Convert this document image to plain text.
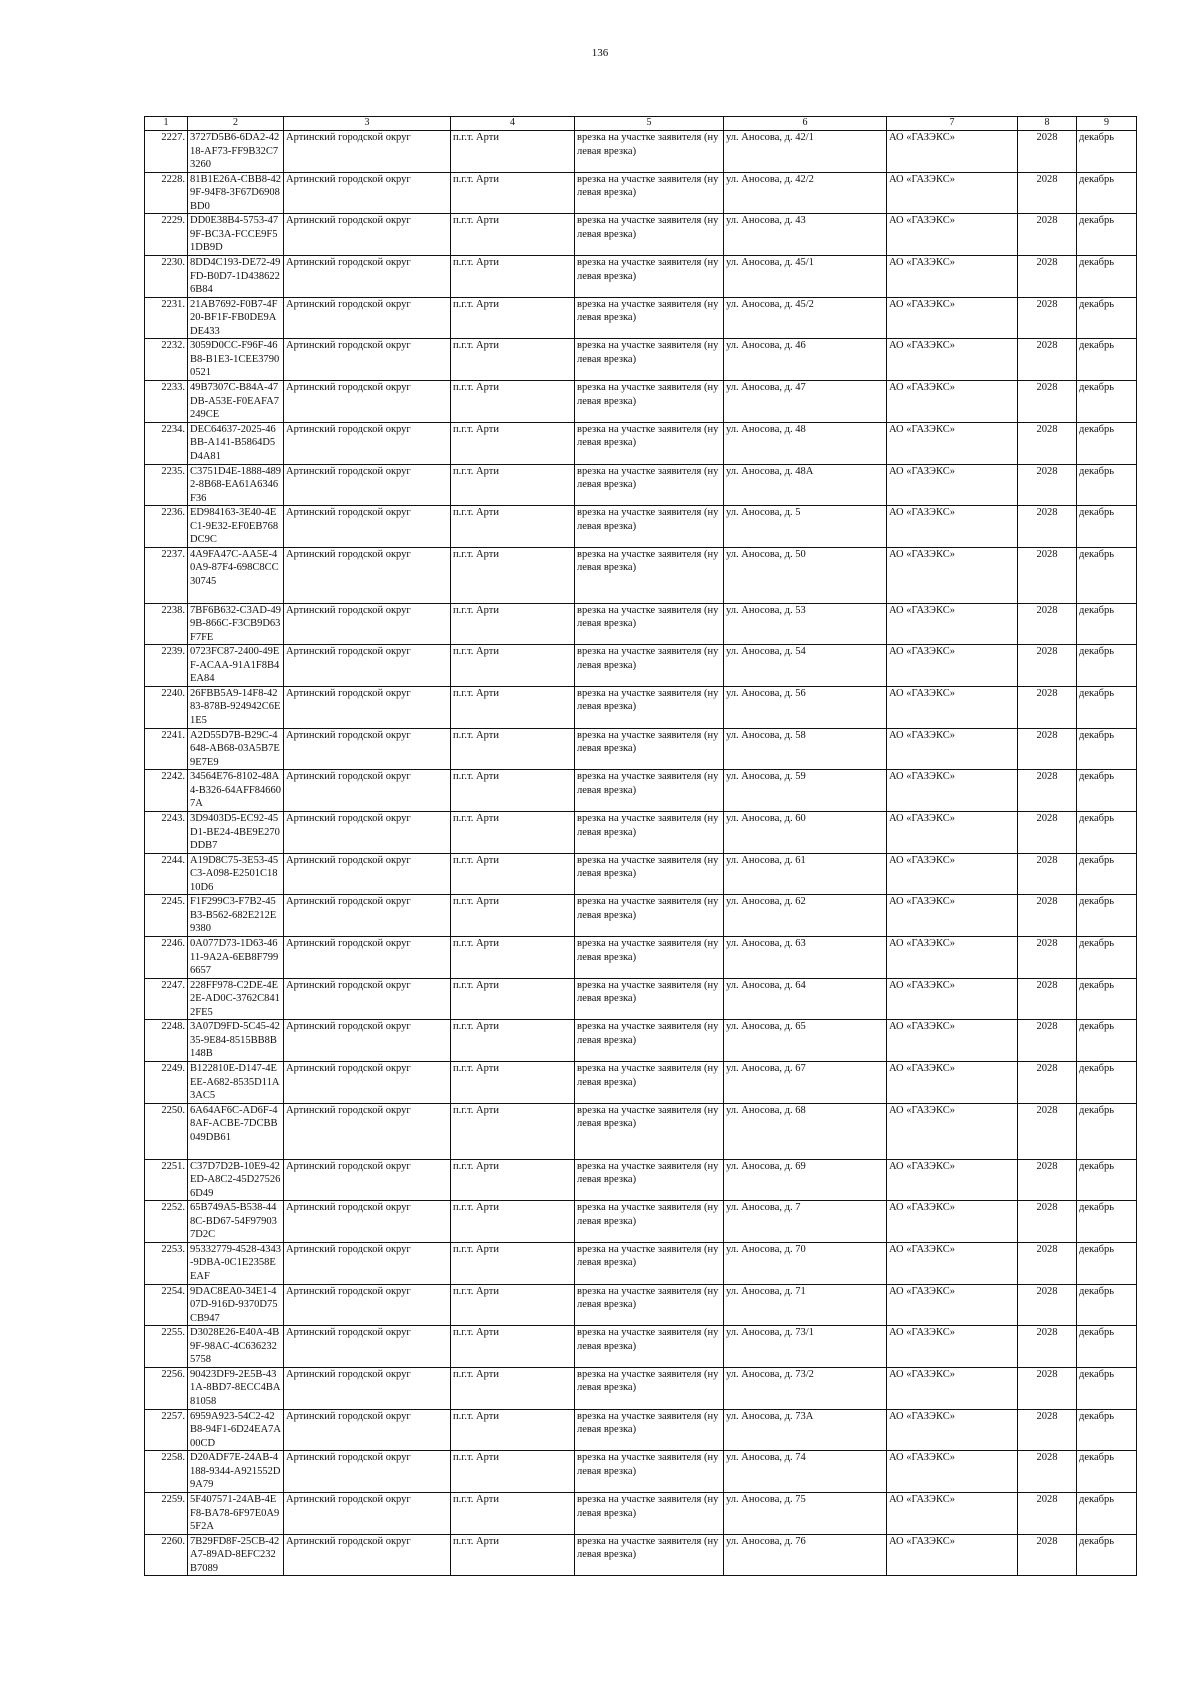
136
1	2	3	4	5	6	7	8	9
2227.	3727D5B6-6DA2-4218-AF73-FF9B32C73260	Артинский городской округ	п.г.т. Арти	врезка на участке заявителя (нулевая врезка)	ул. Аносова, д. 42/1	АО «ГАЗЭКС»	2028	декабрь
2228.	81B1E26A-CBB8-429F-94F8-3F67D6908BD0	Артинский городской округ	п.г.т. Арти	врезка на участке заявителя (нулевая врезка)	ул. Аносова, д. 42/2	АО «ГАЗЭКС»	2028	декабрь
2229.	DD0E38B4-5753-479F-BC3A-FCCE9F51DB9D	Артинский городской округ	п.г.т. Арти	врезка на участке заявителя (нулевая врезка)	ул. Аносова, д. 43	АО «ГАЗЭКС»	2028	декабрь
2230.	8DD4C193-DE72-49FD-B0D7-1D4386226B84	Артинский городской округ	п.г.т. Арти	врезка на участке заявителя (нулевая врезка)	ул. Аносова, д. 45/1	АО «ГАЗЭКС»	2028	декабрь
2231.	21AB7692-F0B7-4F20-BF1F-FB0DE9ADE433	Артинский городской округ	п.г.т. Арти	врезка на участке заявителя (нулевая врезка)	ул. Аносова, д. 45/2	АО «ГАЗЭКС»	2028	декабрь
2232.	3059D0CC-F96F-46B8-B1E3-1CEE37900521	Артинский городской округ	п.г.т. Арти	врезка на участке заявителя (нулевая врезка)	ул. Аносова, д. 46	АО «ГАЗЭКС»	2028	декабрь
2233.	49B7307C-B84A-47DB-A53E-F0EAFA7249CE	Артинский городской округ	п.г.т. Арти	врезка на участке заявителя (нулевая врезка)	ул. Аносова, д. 47	АО «ГАЗЭКС»	2028	декабрь
2234.	DEC64637-2025-46BB-A141-B5864D5D4A81	Артинский городской округ	п.г.т. Арти	врезка на участке заявителя (нулевая врезка)	ул. Аносова, д. 48	АО «ГАЗЭКС»	2028	декабрь
2235.	C3751D4E-1888-4892-8B68-EA61A6346F36	Артинский городской округ	п.г.т. Арти	врезка на участке заявителя (нулевая врезка)	ул. Аносова, д. 48А	АО «ГАЗЭКС»	2028	декабрь
2236.	ED984163-3E40-4EC1-9E32-EF0EB768DC9C	Артинский городской округ	п.г.т. Арти	врезка на участке заявителя (нулевая врезка)	ул. Аносова, д. 5	АО «ГАЗЭКС»	2028	декабрь
2237.	4A9FA47C-AA5E-40A9-87F4-698C8CC30745	Артинский городской округ	п.г.т. Арти	врезка на участке заявителя (нулевая врезка)	ул. Аносова, д. 50	АО «ГАЗЭКС»	2028	декабрь
2238.	7BF6B632-C3AD-499B-866C-F3CB9D63F7FE	Артинский городской округ	п.г.т. Арти	врезка на участке заявителя (нулевая врезка)	ул. Аносова, д. 53	АО «ГАЗЭКС»	2028	декабрь
2239.	0723FC87-2400-49EF-ACAA-91A1F8B4EA84	Артинский городской округ	п.г.т. Арти	врезка на участке заявителя (нулевая врезка)	ул. Аносова, д. 54	АО «ГАЗЭКС»	2028	декабрь
2240.	26FBB5A9-14F8-4283-878B-924942C6E1E5	Артинский городской округ	п.г.т. Арти	врезка на участке заявителя (нулевая врезка)	ул. Аносова, д. 56	АО «ГАЗЭКС»	2028	декабрь
2241.	A2D55D7B-B29C-4648-AB68-03A5B7E9E7E9	Артинский городской округ	п.г.т. Арти	врезка на участке заявителя (нулевая врезка)	ул. Аносова, д. 58	АО «ГАЗЭКС»	2028	декабрь
2242.	34564E76-8102-48A4-B326-64AFF846607A	Артинский городской округ	п.г.т. Арти	врезка на участке заявителя (нулевая врезка)	ул. Аносова, д. 59	АО «ГАЗЭКС»	2028	декабрь
2243.	3D9403D5-EC92-45D1-BE24-4BE9E270DDB7	Артинский городской округ	п.г.т. Арти	врезка на участке заявителя (нулевая врезка)	ул. Аносова, д. 60	АО «ГАЗЭКС»	2028	декабрь
2244.	A19D8C75-3E53-45C3-A098-E2501C1810D6	Артинский городской округ	п.г.т. Арти	врезка на участке заявителя (нулевая врезка)	ул. Аносова, д. 61	АО «ГАЗЭКС»	2028	декабрь
2245.	F1F299C3-F7B2-45B3-B562-682E212E9380	Артинский городской округ	п.г.т. Арти	врезка на участке заявителя (нулевая врезка)	ул. Аносова, д. 62	АО «ГАЗЭКС»	2028	декабрь
2246.	0A077D73-1D63-4611-9A2A-6EB8F7996657	Артинский городской округ	п.г.т. Арти	врезка на участке заявителя (нулевая врезка)	ул. Аносова, д. 63	АО «ГАЗЭКС»	2028	декабрь
2247.	228FF978-C2DE-4E2E-AD0C-3762C8412FE5	Артинский городской округ	п.г.т. Арти	врезка на участке заявителя (нулевая врезка)	ул. Аносова, д. 64	АО «ГАЗЭКС»	2028	декабрь
2248.	3A07D9FD-5C45-4235-9E84-8515BB8B148B	Артинский городской округ	п.г.т. Арти	врезка на участке заявителя (нулевая врезка)	ул. Аносова, д. 65	АО «ГАЗЭКС»	2028	декабрь
2249.	B122810E-D147-4EEE-A682-8535D11A3AC5	Артинский городской округ	п.г.т. Арти	врезка на участке заявителя (нулевая врезка)	ул. Аносова, д. 67	АО «ГАЗЭКС»	2028	декабрь
2250.	6A64AF6C-AD6F-48AF-ACBE-7DCBB049DB61	Артинский городской округ	п.г.т. Арти	врезка на участке заявителя (нулевая врезка)	ул. Аносова, д. 68	АО «ГАЗЭКС»	2028	декабрь
2251.	C37D7D2B-10E9-42ED-A8C2-45D275266D49	Артинский городской округ	п.г.т. Арти	врезка на участке заявителя (нулевая врезка)	ул. Аносова, д. 69	АО «ГАЗЭКС»	2028	декабрь
2252.	65B749A5-B538-448C-BD67-54F979037D2C	Артинский городской округ	п.г.т. Арти	врезка на участке заявителя (нулевая врезка)	ул. Аносова, д. 7	АО «ГАЗЭКС»	2028	декабрь
2253.	95332779-4528-4343-9DBA-0C1E2358EEAF	Артинский городской округ	п.г.т. Арти	врезка на участке заявителя (нулевая врезка)	ул. Аносова, д. 70	АО «ГАЗЭКС»	2028	декабрь
2254.	9DAC8EA0-34E1-407D-916D-9370D75CB947	Артинский городской округ	п.г.т. Арти	врезка на участке заявителя (нулевая врезка)	ул. Аносова, д. 71	АО «ГАЗЭКС»	2028	декабрь
2255.	D3028E26-E40A-4B9F-98AC-4C6362325758	Артинский городской округ	п.г.т. Арти	врезка на участке заявителя (нулевая врезка)	ул. Аносова, д. 73/1	АО «ГАЗЭКС»	2028	декабрь
2256.	90423DF9-2E5B-431A-8BD7-8ECC4BA81058	Артинский городской округ	п.г.т. Арти	врезка на участке заявителя (нулевая врезка)	ул. Аносова, д. 73/2	АО «ГАЗЭКС»	2028	декабрь
2257.	6959A923-54C2-42B8-94F1-6D24EA7A00CD	Артинский городской округ	п.г.т. Арти	врезка на участке заявителя (нулевая врезка)	ул. Аносова, д. 73А	АО «ГАЗЭКС»	2028	декабрь
2258.	D20ADF7E-24AB-4188-9344-A921552D9A79	Артинский городской округ	п.г.т. Арти	врезка на участке заявителя (нулевая врезка)	ул. Аносова, д. 74	АО «ГАЗЭКС»	2028	декабрь
2259.	5F407571-24AB-4EF8-BA78-6F97E0A95F2A	Артинский городской округ	п.г.т. Арти	врезка на участке заявителя (нулевая врезка)	ул. Аносова, д. 75	АО «ГАЗЭКС»	2028	декабрь
2260.	7B29FD8F-25CB-42A7-89AD-8EFC232B7089	Артинский городской округ	п.г.т. Арти	врезка на участке заявителя (нулевая врезка)	ул. Аносова, д. 76	АО «ГАЗЭКС»	2028	декабрь
